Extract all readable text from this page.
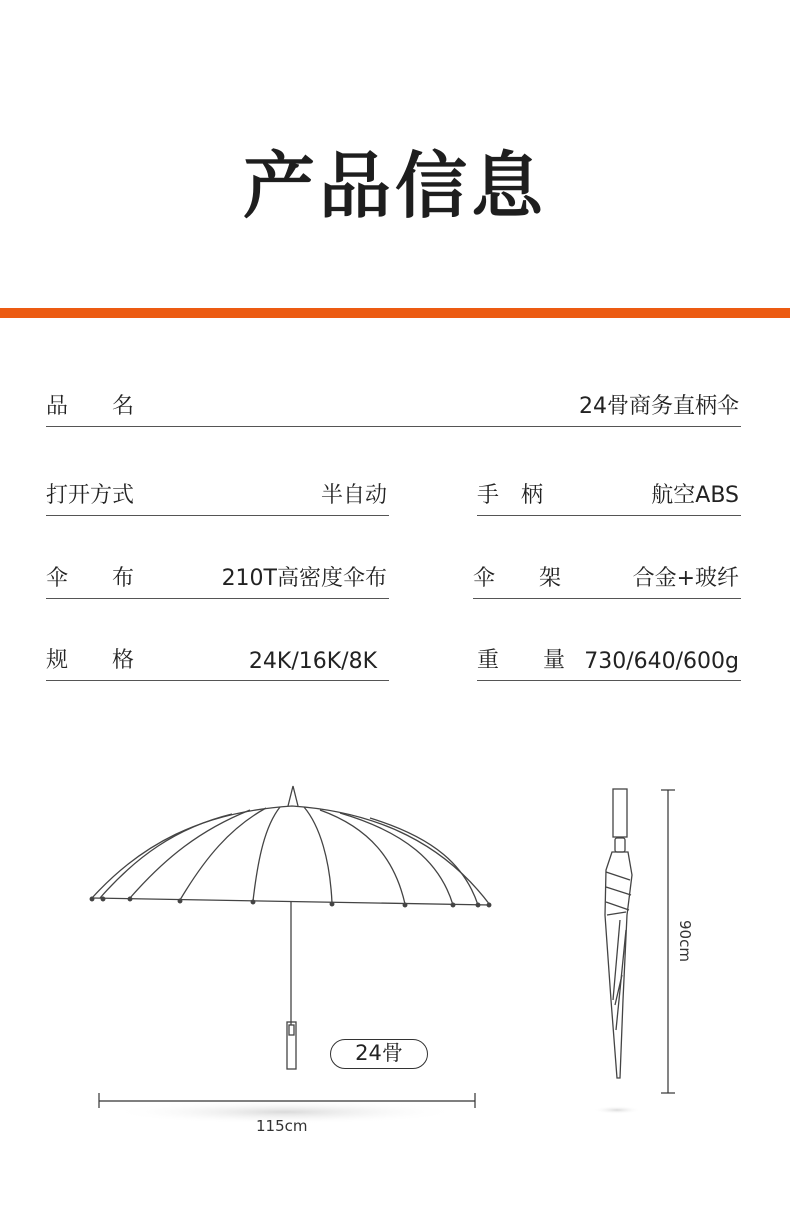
产品信息
品　　名	24骨商务直柄伞
打开方式	半自动	手　柄	航空ABS
伞　　布	210T高密度伞布	伞　　架	合金+玻纤
规　　格	24K/16K/8K	重　　量 730/640/600g
24骨
115cm
90cm
